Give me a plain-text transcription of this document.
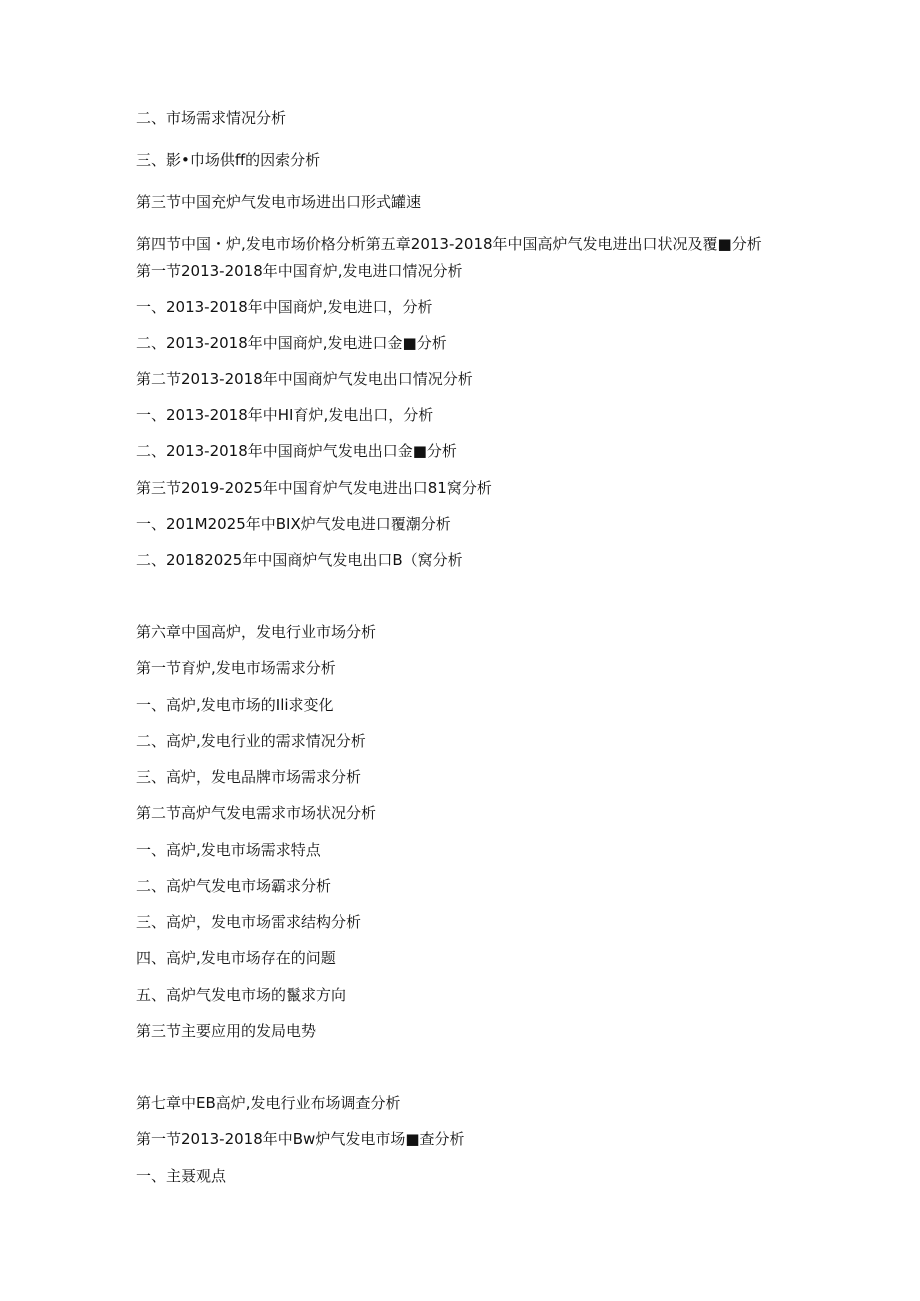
二、市场需求情况分析
三、影•巾场供ff的因索分析
第三节中国充炉气发电市场进出口形式罐速
第四节中国・炉,发电市场价格分析第五章2013-2018年中国高炉气发电进出口状况及覆■分析
第一节2013-2018年中国育炉,发电进口情况分析
一、2013-2018年中国商炉,发电进口，分析
二、2013-2018年中国商炉,发电进口金■分析
第二节2013-2018年中国商炉气发电出口情况分析
一、2013-2018年中HI育炉,发电出口，分析
二、2013-2018年中国商炉气发电出口金■分析
第三节2019-2025年中国育炉气发电进出口81窝分析
一、201M2025年中BIX炉气发电进口覆潮分析
二、20182025年中国商炉气发电出口B（窝分析
第六章中国高炉，发电行业市场分析
第一节育炉,发电市场需求分析
一、高炉,发电市场的Ili求变化
二、高炉,发电行业的需求情况分析
三、高炉，发电品牌市场需求分析
第二节高炉气发电需求市场状况分析
一、高炉,发电市场需求特点
二、高炉气发电市场霸求分析
三、高炉，发电市场雷求结构分析
四、高炉,发电市场存在的问题
五、高炉气发电市场的鬣求方向
第三节主要应用的发局电势
第七章中EB高炉,发电行业布场调查分析
第一节2013-2018年中Bw炉气发电市场■查分析
一、主聂观点
